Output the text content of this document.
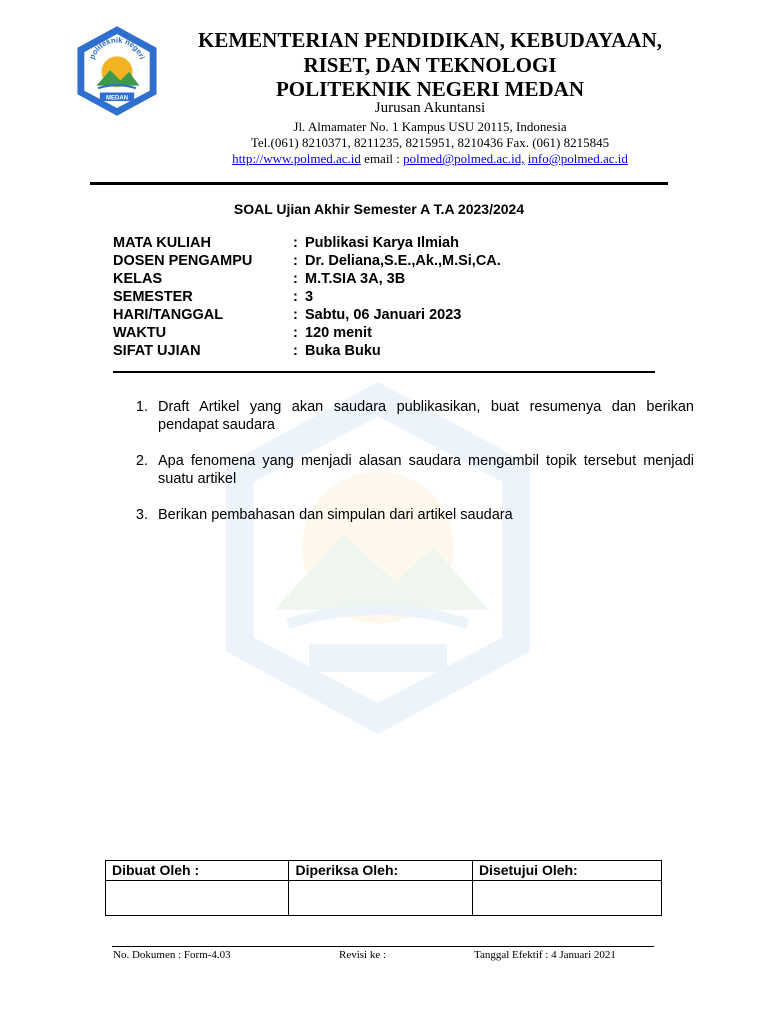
politeknik negeri
MEDAN
KEMENTERIAN PENDIDIKAN, KEBUDAYAAN,
RISET, DAN TEKNOLOGI
POLITEKNIK NEGERI MEDAN
Jurusan Akuntansi
Jl. Almamater No. 1 Kampus USU 20115, Indonesia
Tel.(061) 8210371, 8211235, 8215951, 8210436 Fax. (061) 8215845
http://www.polmed.ac.id email : polmed@polmed.ac.id, info@polmed.ac.id
SOAL Ujian Akhir Semester A T.A 2023/2024
MATA KULIAH	: Publikasi Karya Ilmiah
DOSEN PENGAMPU	: Dr. Deliana,S.E.,Ak.,M.Si,CA.
KELAS	: M.T.SIA 3A, 3B
SEMESTER	: 3
HARI/TANGGAL	: Sabtu, 06 Januari 2023
WAKTU	: 120 menit
SIFAT UJIAN	: Buka Buku
1. Draft Artikel yang akan saudara publikasikan, buat resumenya dan berikan pendapat saudara
2. Apa fenomena yang menjadi alasan saudara mengambil topik tersebut menjadi suatu artikel
3. Berikan pembahasan dan simpulan dari artikel saudara
Dibuat Oleh :	Diperiksa Oleh:	Disetujui Oleh:

No. Dokumen : Form-4.03	Revisi ke :	Tanggal Efektif : 4 Januari 2021
